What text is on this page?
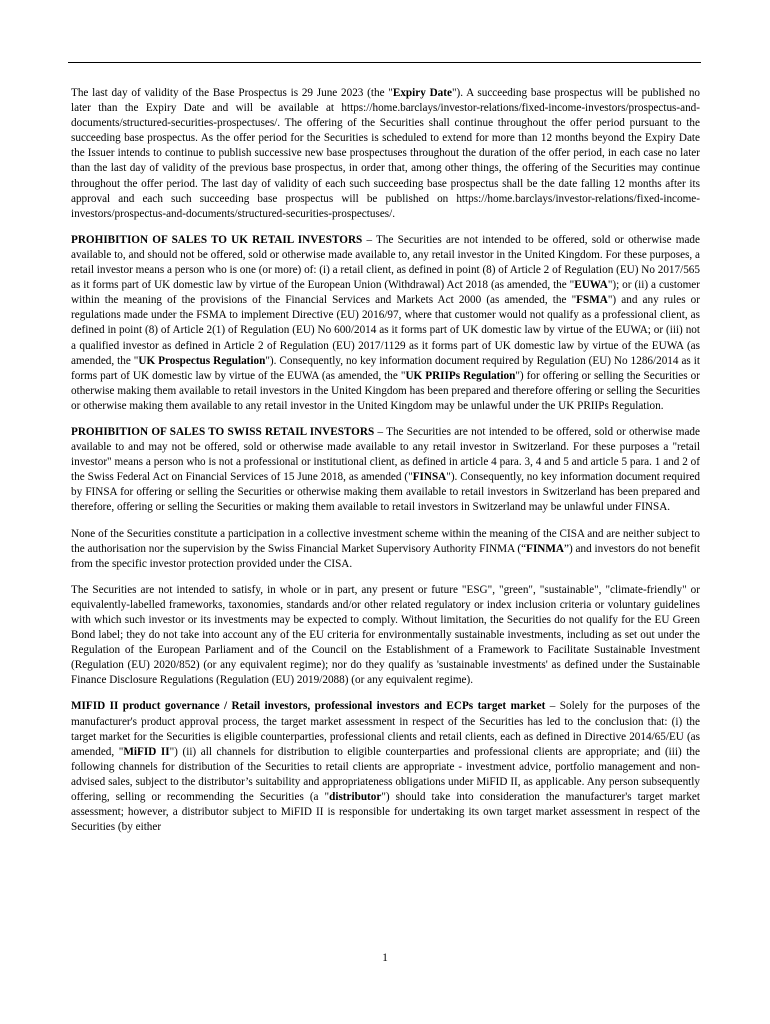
The last day of validity of the Base Prospectus is 29 June 2023 (the "Expiry Date"). A succeeding base prospectus will be published no later than the Expiry Date and will be available at https://home.barclays/investor-relations/fixed-income-investors/prospectus-and-documents/structured-securities-prospectuses/. The offering of the Securities shall continue throughout the offer period pursuant to the succeeding base prospectus. As the offer period for the Securities is scheduled to extend for more than 12 months beyond the Expiry Date the Issuer intends to continue to publish successive new base prospectuses throughout the duration of the offer period, in each case no later than the last day of validity of the previous base prospectus, in order that, among other things, the offering of the Securities may continue throughout the offer period. The last day of validity of each such succeeding base prospectus shall be the date falling 12 months after its approval and each such succeeding base prospectus will be published on https://home.barclays/investor-relations/fixed-income-investors/prospectus-and-documents/structured-securities-prospectuses/.

PROHIBITION OF SALES TO UK RETAIL INVESTORS – The Securities are not intended to be offered, sold or otherwise made available to, and should not be offered, sold or otherwise made available to, any retail investor in the United Kingdom. For these purposes, a retail investor means a person who is one (or more) of: (i) a retail client, as defined in point (8) of Article 2 of Regulation (EU) No 2017/565 as it forms part of UK domestic law by virtue of the European Union (Withdrawal) Act 2018 (as amended, the "EUWA"); or (ii) a customer within the meaning of the provisions of the Financial Services and Markets Act 2000 (as amended, the "FSMA") and any rules or regulations made under the FSMA to implement Directive (EU) 2016/97, where that customer would not qualify as a professional client, as defined in point (8) of Article 2(1) of Regulation (EU) No 600/2014 as it forms part of UK domestic law by virtue of the EUWA; or (iii) not a qualified investor as defined in Article 2 of Regulation (EU) 2017/1129 as it forms part of UK domestic law by virtue of the EUWA (as amended, the "UK Prospectus Regulation"). Consequently, no key information document required by Regulation (EU) No 1286/2014 as it forms part of UK domestic law by virtue of the EUWA (as amended, the "UK PRIIPs Regulation") for offering or selling the Securities or otherwise making them available to retail investors in the United Kingdom has been prepared and therefore offering or selling the Securities or otherwise making them available to any retail investor in the United Kingdom may be unlawful under the UK PRIIPs Regulation.

PROHIBITION OF SALES TO SWISS RETAIL INVESTORS – The Securities are not intended to be offered, sold or otherwise made available to and may not be offered, sold or otherwise made available to any retail investor in Switzerland. For these purposes a "retail investor" means a person who is not a professional or institutional client, as defined in article 4 para. 3, 4 and 5 and article 5 para. 1 and 2 of the Swiss Federal Act on Financial Services of 15 June 2018, as amended ("FINSA"). Consequently, no key information document required by FINSA for offering or selling the Securities or otherwise making them available to retail investors in Switzerland has been prepared and therefore, offering or selling the Securities or making them available to retail investors in Switzerland may be unlawful under FINSA.

None of the Securities constitute a participation in a collective investment scheme within the meaning of the CISA and are neither subject to the authorisation nor the supervision by the Swiss Financial Market Supervisory Authority FINMA (“FINMA”) and investors do not benefit from the specific investor protection provided under the CISA.

The Securities are not intended to satisfy, in whole or in part, any present or future "ESG", "green", "sustainable", "climate-friendly" or equivalently-labelled frameworks, taxonomies, standards and/or other related regulatory or index inclusion criteria or voluntary guidelines with which such investor or its investments may be expected to comply. Without limitation, the Securities do not qualify for the EU Green Bond label; they do not take into account any of the EU criteria for environmentally sustainable investments, including as set out under the Regulation of the European Parliament and of the Council on the Establishment of a Framework to Facilitate Sustainable Investment (Regulation (EU) 2020/852) (or any equivalent regime); nor do they qualify as 'sustainable investments' as defined under the Sustainable Finance Disclosure Regulations (Regulation (EU) 2019/2088) (or any equivalent regime).

MIFID II product governance / Retail investors, professional investors and ECPs target market – Solely for the purposes of the manufacturer's product approval process, the target market assessment in respect of the Securities has led to the conclusion that: (i) the target market for the Securities is eligible counterparties, professional clients and retail clients, each as defined in Directive 2014/65/EU (as amended, "MiFID II") (ii) all channels for distribution to eligible counterparties and professional clients are appropriate; and (iii) the following channels for distribution of the Securities to retail clients are appropriate - investment advice, portfolio management and non-advised sales, subject to the distributor’s suitability and appropriateness obligations under MiFID II, as applicable. Any person subsequently offering, selling or recommending the Securities (a "distributor") should take into consideration the manufacturer's target market assessment; however, a distributor subject to MiFID II is responsible for undertaking its own target market assessment in respect of the Securities (by either

1
